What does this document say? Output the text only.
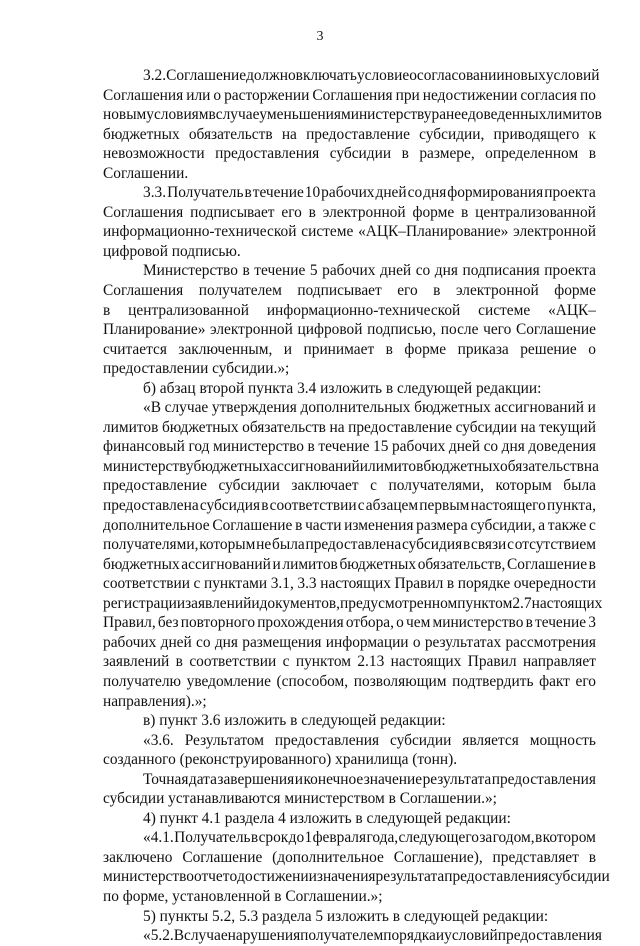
3
3.2. Соглашение должно включать условие о согласовании новых условий
Соглашения или о расторжении Соглашения при недостижении согласия по
новым условиям в случае уменьшения министерству ранее доведенных лимитов
бюджетных обязательств на предоставление субсидии, приводящего к
невозможности предоставления субсидии в размере, определенном в
Соглашении.
3.3. Получатель в течение 10 рабочих дней со дня формирования проекта
Соглашения подписывает его в электронной форме в централизованной
информационно-технической системе «АЦК–Планирование» электронной
цифровой подписью.
Министерство в течение 5 рабочих дней со дня подписания проекта
Соглашения получателем подписывает его в электронной форме
в централизованной информационно-технической системе «АЦК–
Планирование» электронной цифровой подписью, после чего Соглашение
считается заключенным, и принимает в форме приказа решение о
предоставлении субсидии.»;
б) абзац второй пункта 3.4 изложить в следующей редакции:
«В случае утверждения дополнительных бюджетных ассигнований и
лимитов бюджетных обязательств на предоставление субсидии на текущий
финансовый год министерство в течение 15 рабочих дней со дня доведения
министерству бюджетных ассигнований и лимитов бюджетных обязательств на
предоставление субсидии заключает с получателями, которым была
предоставлена субсидия в соответствии с абзацем первым настоящего пункта,
дополнительное Соглашение в части изменения размера субсидии, а также с
получателями, которым не была предоставлена субсидия в связи с отсутствием
бюджетных ассигнований и лимитов бюджетных обязательств, Соглашение в
соответствии с пунктами 3.1, 3.3 настоящих Правил в порядке очередности
регистрации заявлений и документов, предусмотренном пунктом 2.7 настоящих
Правил, без повторного прохождения отбора, о чем министерство в течение 3
рабочих дней со дня размещения информации о результатах рассмотрения
заявлений в соответствии с пунктом 2.13 настоящих Правил направляет
получателю уведомление (способом, позволяющим подтвердить факт его
направления).»;
в) пункт 3.6 изложить в следующей редакции:
«3.6. Результатом предоставления субсидии является мощность
созданного (реконструированного) хранилища (тонн).
Точная дата завершения и конечное значение результата предоставления
субсидии устанавливаются министерством в Соглашении.»;
4) пункт 4.1 раздела 4 изложить в следующей редакции:
«4.1. Получатель в срок до 1 февраля года, следующего за годом, в котором
заключено Соглашение (дополнительное Соглашение), представляет в
министерство отчет о достижении значения результата предоставления субсидии
по форме, установленной в Соглашении.»;
5) пункты 5.2, 5.3 раздела 5 изложить в следующей редакции:
«5.2. В случае нарушения получателем порядка и условий предоставления
